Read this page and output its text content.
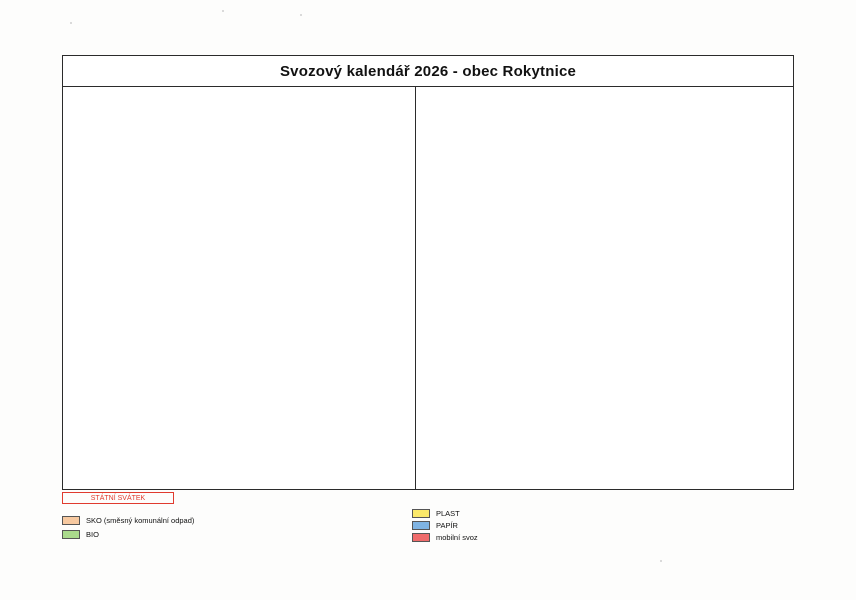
Svozový kalendář 2026 - obec Rokytnice
STÁTNÍ SVÁTEK
SKO (směsný komunální odpad)
BIO
PLAST
PAPÍR
mobilní svoz
